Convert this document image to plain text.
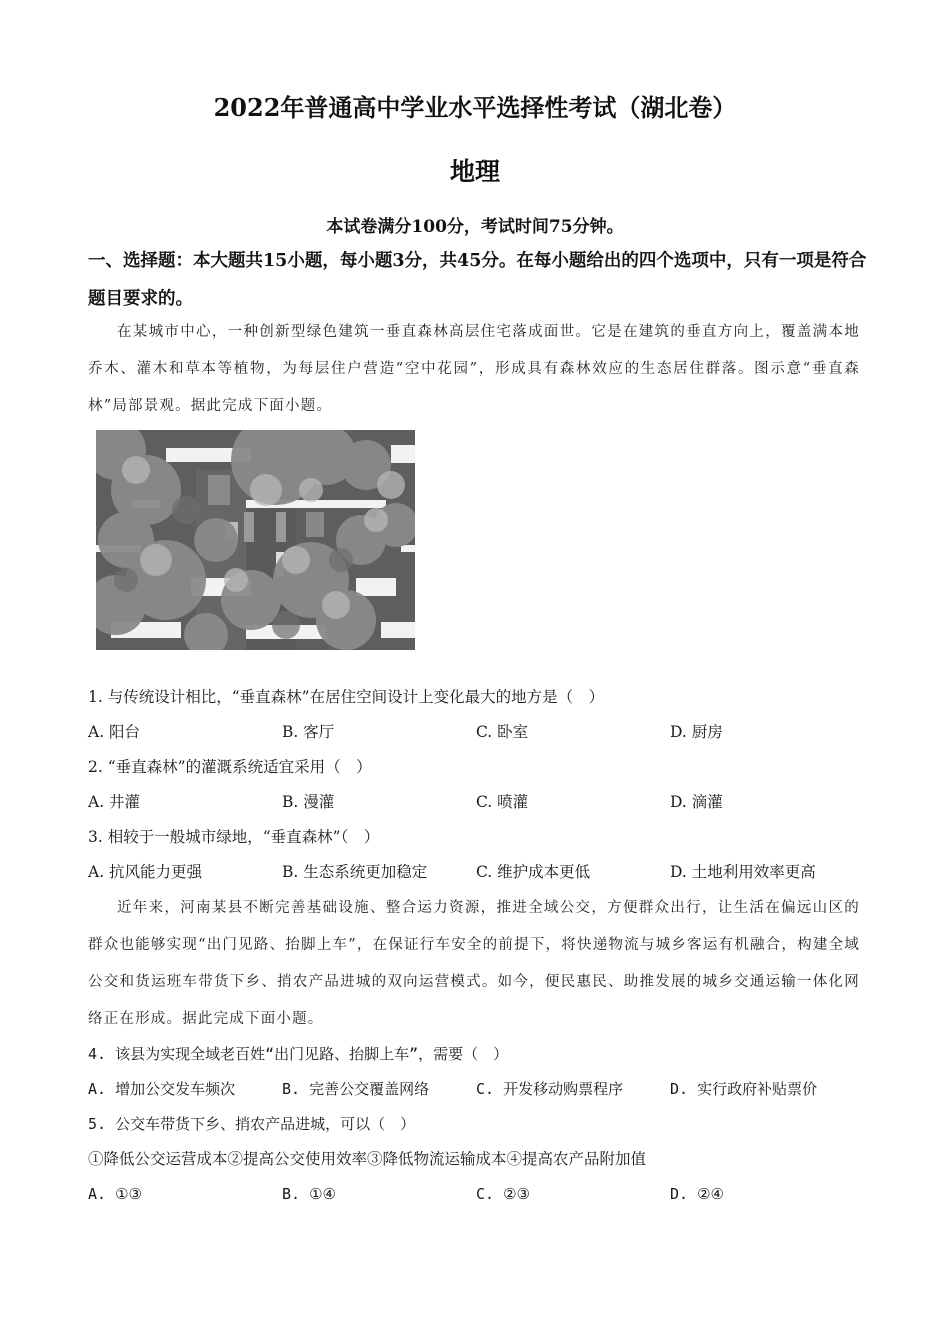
2022年普通高中学业水平选择性考试（湖北卷）
地理
本试卷满分100分，考试时间75分钟。
一、选择题：本大题共15小题，每小题3分，共45分。在每小题给出的四个选项中，只有一项是符合题目要求的。
在某城市中心，一种创新型绿色建筑一垂直森林高层住宅落成面世。它是在建筑的垂直方向上，覆盖满本地乔木、灌木和草本等植物，为每层住户营造“空中花园”，形成具有森林效应的生态居住群落。图示意“垂直森林”局部景观。据此完成下面小题。
1. 与传统设计相比，“垂直森林”在居住空间设计上变化最大的地方是（　）
A. 阳台	B. 客厅	C. 卧室	D. 厨房
2. “垂直森林”的灌溉系统适宜采用（　）
A. 井灌	B. 漫灌	C. 喷灌	D. 滴灌
3. 相较于一般城市绿地，“垂直森林”（　）
A. 抗风能力更强	B. 生态系统更加稳定	C. 维护成本更低	D. 土地利用效率更高
近年来，河南某县不断完善基础设施、整合运力资源，推进全域公交，方便群众出行，让生活在偏远山区的群众也能够实现“出门见路、抬脚上车”，在保证行车安全的前提下，将快递物流与城乡客运有机融合，构建全域公交和货运班车带货下乡、捎农产品进城的双向运营模式。如今，便民惠民、助推发展的城乡交通运输一体化网络正在形成。据此完成下面小题。
4. 该县为实现全域老百姓“出门见路、抬脚上车”，需要（　）
A. 增加公交发车频次	B. 完善公交覆盖网络	C. 开发移动购票程序	D. 实行政府补贴票价
5. 公交车带货下乡、捎农产品进城，可以（　）
①降低公交运营成本②提高公交使用效率③降低物流运输成本④提高农产品附加值
A. ①③	B. ①④	C. ②③	D. ②④
